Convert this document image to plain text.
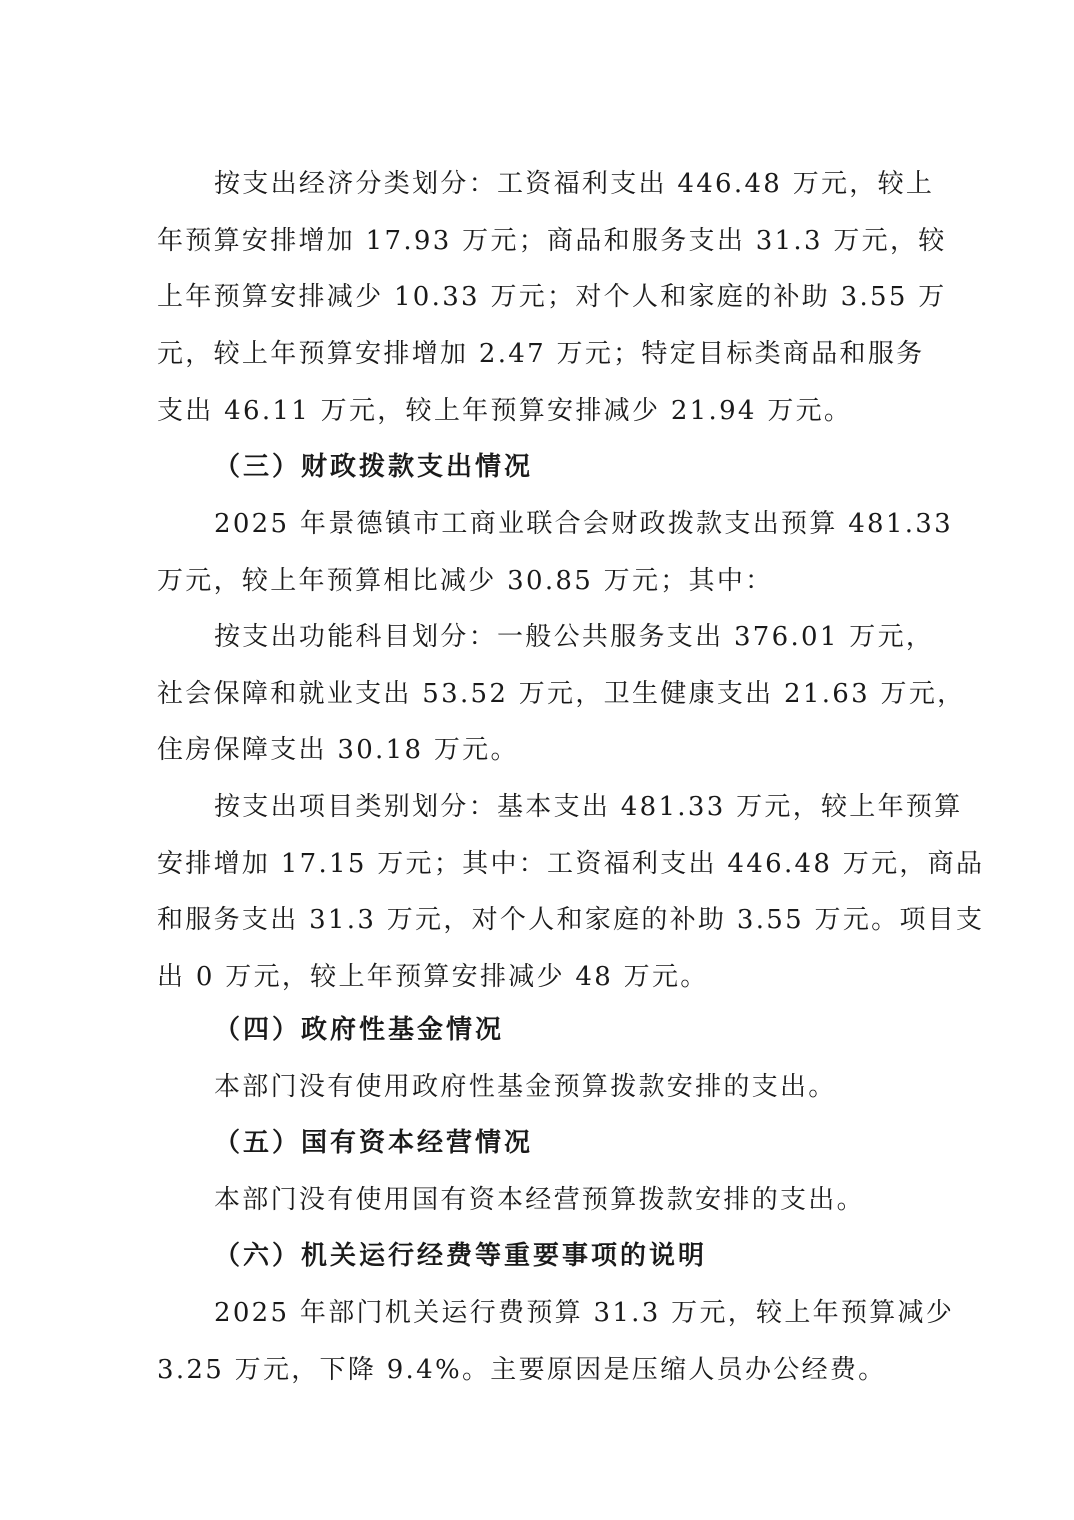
按支出经济分类划分：工资福利支出 446.48 万元，较上
年预算安排增加 17.93 万元；商品和服务支出 31.3 万元，较
上年预算安排减少 10.33 万元；对个人和家庭的补助 3.55 万
元，较上年预算安排增加 2.47 万元；特定目标类商品和服务
支出 46.11 万元，较上年预算安排减少 21.94 万元。
（三）财政拨款支出情况
2025 年景德镇市工商业联合会财政拨款支出预算 481.33
万元，较上年预算相比减少 30.85 万元；其中：
按支出功能科目划分：一般公共服务支出 376.01 万元，
社会保障和就业支出 53.52 万元，卫生健康支出 21.63 万元，
住房保障支出 30.18 万元。
按支出项目类别划分：基本支出 481.33 万元，较上年预算
安排增加 17.15 万元；其中：工资福利支出 446.48 万元，商品
和服务支出 31.3 万元，对个人和家庭的补助 3.55 万元。项目支
出 0 万元，较上年预算安排减少 48 万元。
（四）政府性基金情况
本部门没有使用政府性基金预算拨款安排的支出。
（五）国有资本经营情况
本部门没有使用国有资本经营预算拨款安排的支出。
（六）机关运行经费等重要事项的说明
2025 年部门机关运行费预算 31.3 万元，较上年预算减少
3.25 万元，下降 9.4%。主要原因是压缩人员办公经费。
